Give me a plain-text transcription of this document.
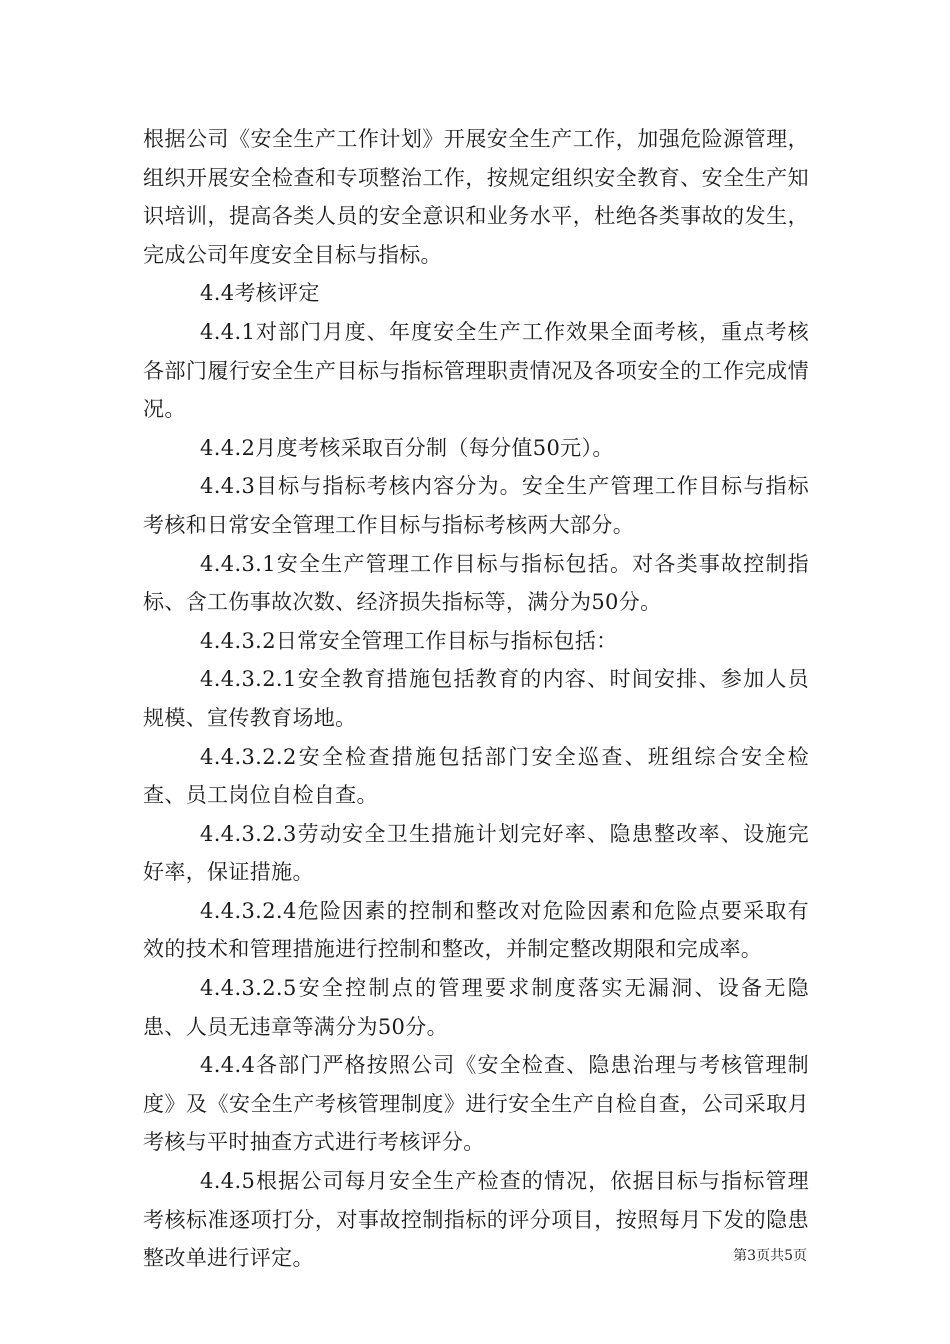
根据公司《安全生产工作计划》开展安全生产工作，加强危险源管理，组织开展安全检查和专项整治工作，按规定组织安全教育、安全生产知识培训，提高各类人员的安全意识和业务水平，杜绝各类事故的发生，完成公司年度安全目标与指标。

4.4考核评定

4.4.1对部门月度、年度安全生产工作效果全面考核，重点考核各部门履行安全生产目标与指标管理职责情况及各项安全的工作完成情况。

4.4.2月度考核采取百分制（每分值50元）。

4.4.3目标与指标考核内容分为。安全生产管理工作目标与指标考核和日常安全管理工作目标与指标考核两大部分。

4.4.3.1安全生产管理工作目标与指标包括。对各类事故控制指标、含工伤事故次数、经济损失指标等，满分为50分。

4.4.3.2日常安全管理工作目标与指标包括：

4.4.3.2.1安全教育措施包括教育的内容、时间安排、参加人员规模、宣传教育场地。

4.4.3.2.2安全检查措施包括部门安全巡查、班组综合安全检查、员工岗位自检自查。

4.4.3.2.3劳动安全卫生措施计划完好率、隐患整改率、设施完好率，保证措施。

4.4.3.2.4危险因素的控制和整改对危险因素和危险点要采取有效的技术和管理措施进行控制和整改，并制定整改期限和完成率。

4.4.3.2.5安全控制点的管理要求制度落实无漏洞、设备无隐患、人员无违章等满分为50分。

4.4.4各部门严格按照公司《安全检查、隐患治理与考核管理制度》及《安全生产考核管理制度》进行安全生产自检自查，公司采取月考核与平时抽查方式进行考核评分。

4.4.5根据公司每月安全生产检查的情况，依据目标与指标管理考核标准逐项打分，对事故控制指标的评分项目，按照每月下发的隐患整改单进行评定。	第3页共5页
